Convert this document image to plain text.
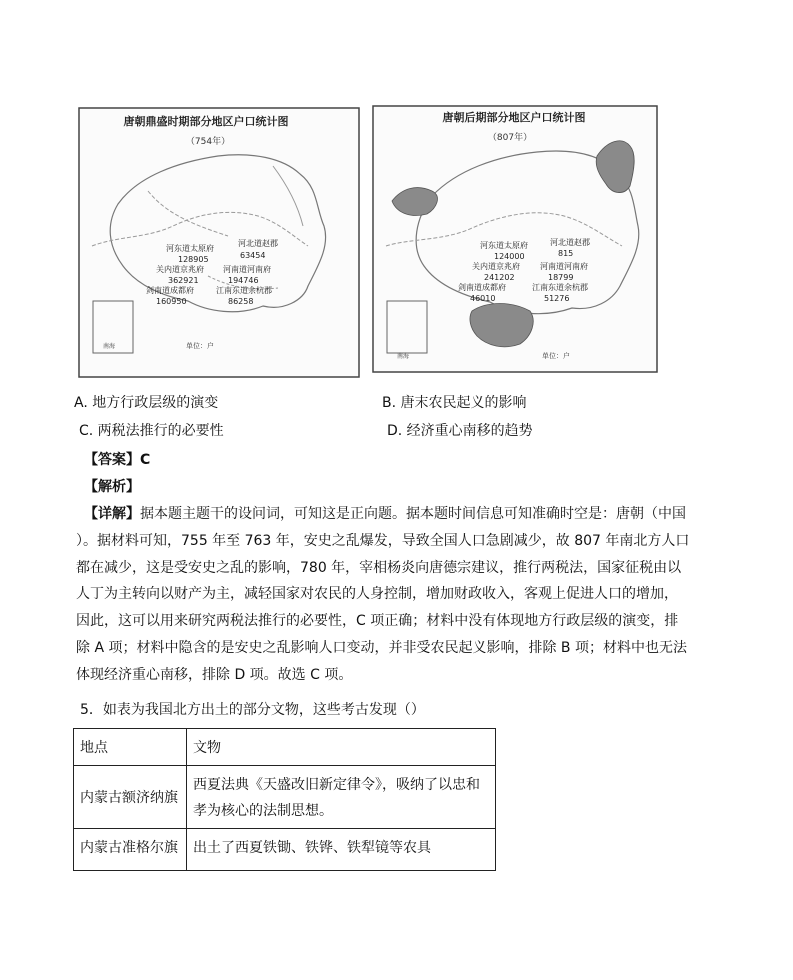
唐朝鼎盛时期部分地区户口统计图
（754年）
南海	单位：户
河东道太原府
128905
河北道赵郡
63454
关内道京兆府
362921
河南道河南府
194746
剑南道成都府
160950
江南东道余杭郡
86258
唐朝后期部分地区户口统计图
（807年）
南海	单位：户
河东道太原府
124000
河北道赵郡
815
关内道京兆府
241202
河南道河南府
18799
剑南道成都府
46010
江南东道余杭郡
51276
A. 地方行政层级的演变	B. 唐末农民起义的影响
C. 两税法推行的必要性	D. 经济重心南移的趋势
【答案】C
【解析】
【详解】据本题主题干的设问词，可知这是正向题。据本题时间信息可知准确时空是：唐朝（中国
）。据材料可知，755 年至 763 年，安史之乱爆发，导致全国人口急剧减少，故 807 年南北方人口
都在减少，这是受安史之乱的影响，780 年，宰相杨炎向唐德宗建议，推行两税法，国家征税由以
人丁为主转向以财产为主，减轻国家对农民的人身控制，增加财政收入，客观上促进人口的增加，
因此，这可以用来研究两税法推行的必要性，C 项正确；材料中没有体现地方行政层级的演变，排
除 A 项；材料中隐含的是安史之乱影响人口变动，并非受农民起义影响，排除 B 项；材料中也无法
体现经济重心南移，排除 D 项。故选 C 项。
5．如表为我国北方出土的部分文物，这些考古发现（）
地点	文物
内蒙古额济纳旗	西夏法典《天盛改旧新定律令》，吸纳了以忠和
孝为核心的法制思想。

内蒙古准格尔旗	出土了西夏铁锄、铁铧、铁犁镜等农具
